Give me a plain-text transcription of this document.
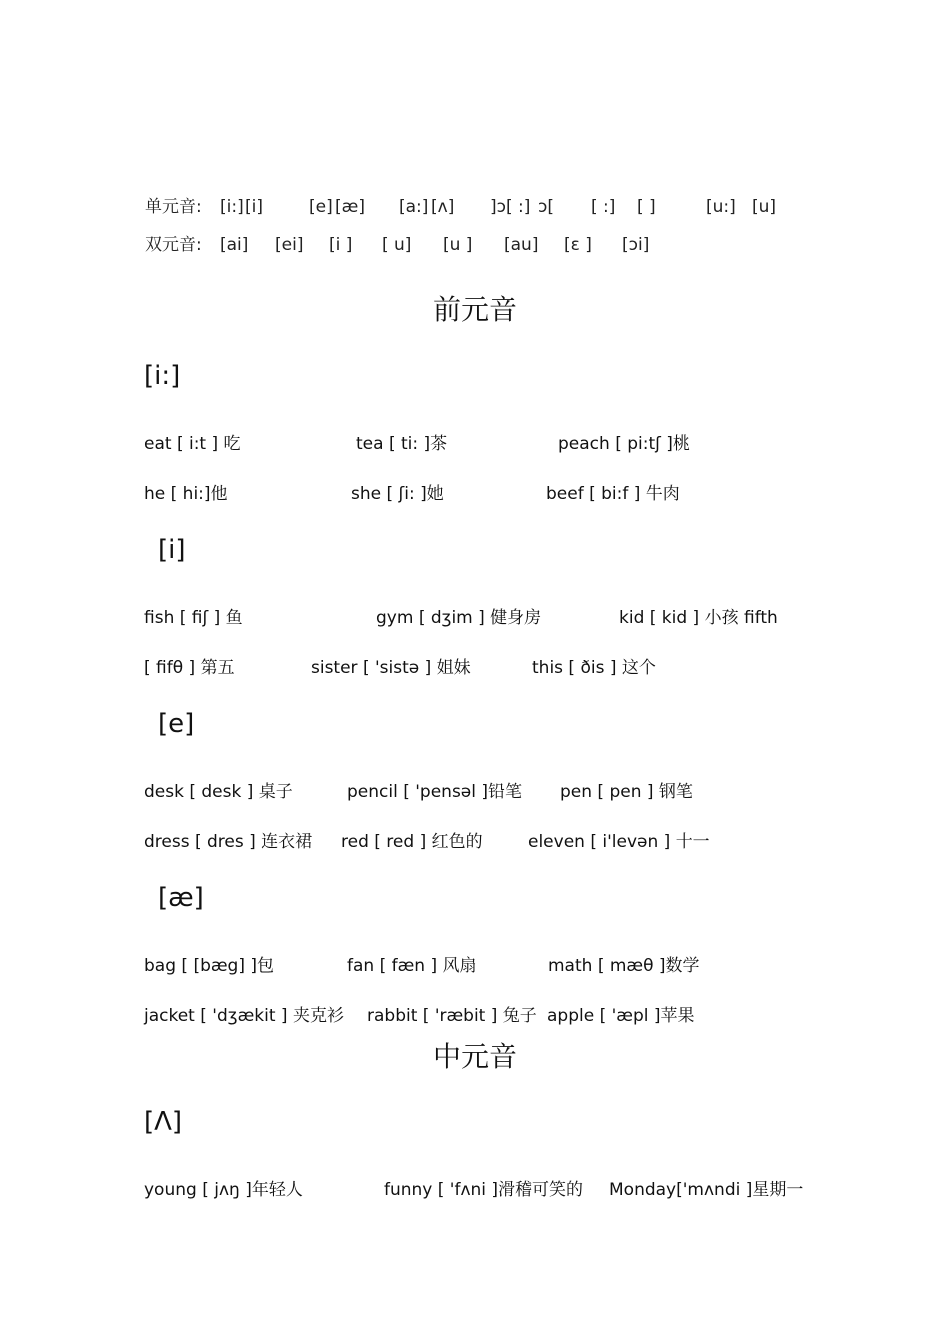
单元音: [i:] [i]	[e] [æ] [a:] [ʌ] ]ɔ[ :] ɔ[ [ :] [ ]	[u:] [u]
双元音: [ai] [ei] [i ] [ u] [u ] [au] [ε ] [ɔi]
前元音
[i:]
eat [ i:t ] 吃	tea [ ti: ]茶	peach [ pi:tʃ ]桃
he [ hi:]他	she [ ʃi: ]她	beef [ bi:f ] 牛肉
[i]
fish [ fiʃ ] 鱼	gym [ dʒim ] 健身房	kid [ kid ] 小孩 fifth
[ fifθ ] 第五	sister [ 'sistə ] 姐妹	this [ ðis ] 这个
[e]
desk [ desk ] 桌子	pencil [ 'pensəl ]铅笔 pen [ pen ] 钢笔
dress [ dres ] 连衣裙 red [ red ] 红色的	eleven [ i'levən ] 十一
[æ]
bag [ [bæg] ]包	fan [ fæn ] 风扇	math [ mæθ ]数学
jacket [ 'dʒækit ] 夹克衫 rabbit [ 'ræbit ] 兔子 apple [ 'æpl ]苹果
中元音
[Λ]
young [ jʌŋ ]年轻人	funny [ 'fʌni ]滑稽可笑的 Monday['mʌndi ]星期一
